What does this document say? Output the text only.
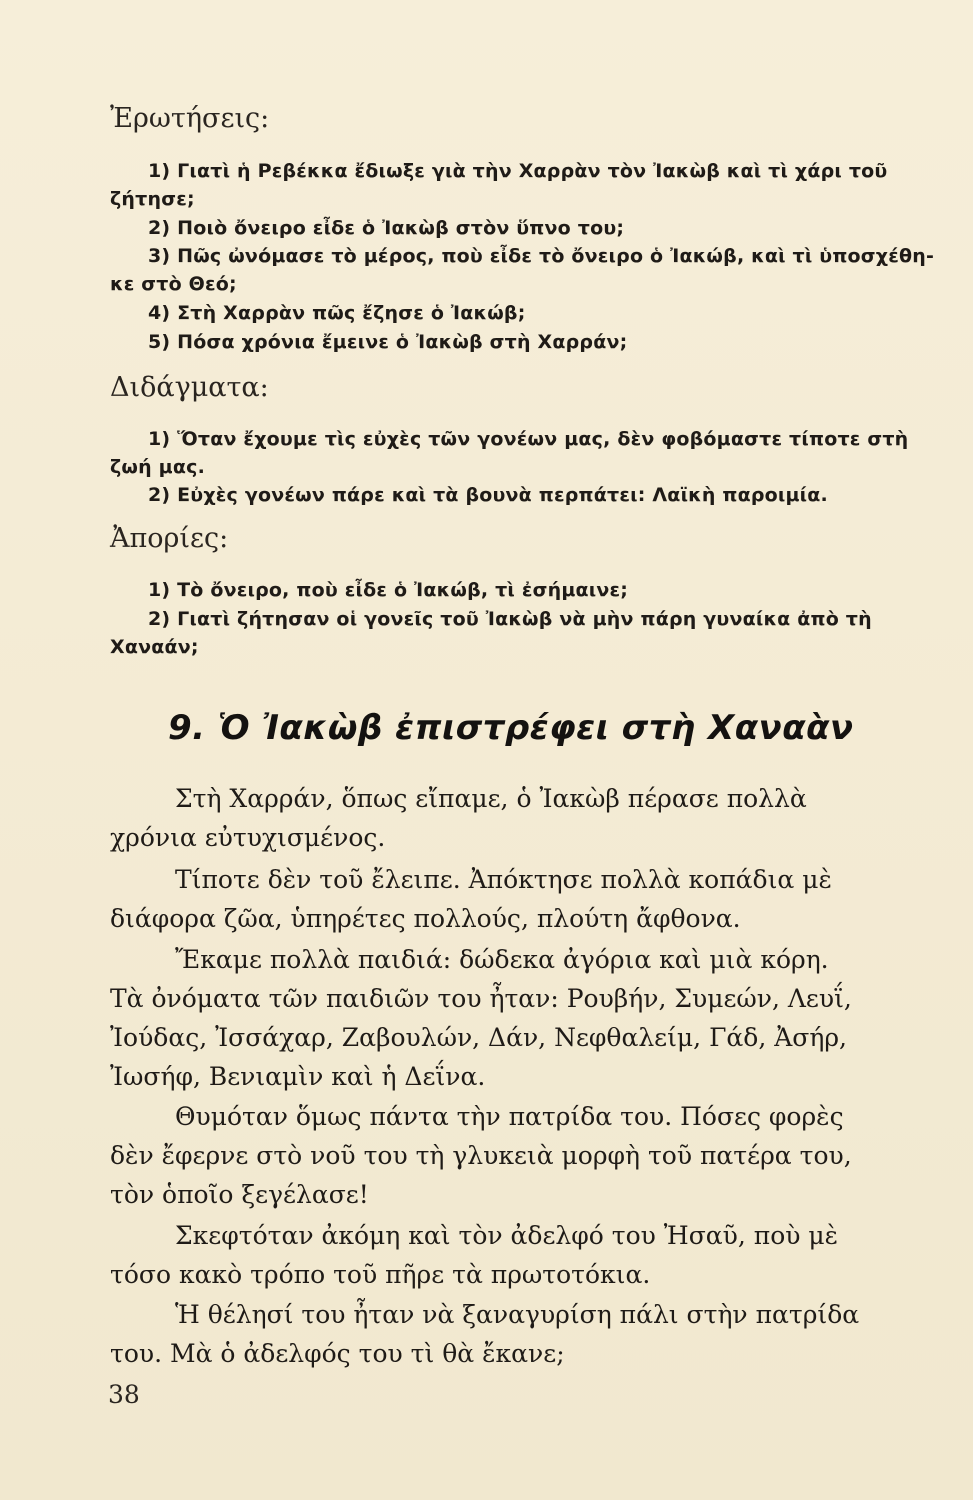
Ἐρωτήσεις:
1) Γιατὶ ἡ Ρεβέκκα ἔδιωξε γιὰ τὴν Χαρρὰν τὸν Ἰακὼβ καὶ τὶ χάρι τοῦ
ζήτησε;
2) Ποιὸ ὄνειρο εἶδε ὁ Ἰακὼβ στὸν ὕπνο του;
3) Πῶς ὠνόμασε τὸ μέρος, ποὺ εἶδε τὸ ὄνειρο ὁ Ἰακώβ, καὶ τὶ ὑποσχέθη-
κε στὸ Θεό;
4) Στὴ Χαρρὰν πῶς ἔζησε ὁ Ἰακώβ;
5) Πόσα χρόνια ἔμεινε ὁ Ἰακὼβ στὴ Χαρράν;
Διδάγματα:
1) Ὅταν ἔχουμε τὶς εὐχὲς τῶν γονέων μας, δὲν φοβόμαστε τίποτε στὴ
ζωή μας.
2) Εὐχὲς γονέων πάρε καὶ τὰ βουνὰ περπάτει: Λαϊκὴ παροιμία.
Ἀπορίες:
1) Τὸ ὄνειρο, ποὺ εἶδε ὁ Ἰακώβ, τὶ ἐσήμαινε;
2) Γιατὶ ζήτησαν οἱ γονεῖς τοῦ Ἰακὼβ νὰ μὴν πάρη γυναίκα ἀπὸ τὴ
Χαναάν;
9. Ὁ Ἰακὼβ ἐπιστρέφει στὴ Χαναὰν
Στὴ Χαρράν, ὅπως εἴπαμε, ὁ Ἰακὼβ πέρασε πολλὰ
χρόνια εὐτυχισμένος.
Τίποτε δὲν τοῦ ἔλειπε. Ἀπόκτησε πολλὰ κοπάδια μὲ
διάφορα ζῶα, ὑπηρέτες πολλούς, πλούτη ἄφθονα.
Ἔκαμε πολλὰ παιδιά: δώδεκα ἀγόρια καὶ μιὰ κόρη.
Τὰ ὀνόματα τῶν παιδιῶν του ἦταν: Ρουβήν, Συμεών, Λευΐ,
Ἰούδας, Ἰσσάχαρ, Ζαβουλών, Δάν, Νεφθαλείμ, Γάδ, Ἀσήρ,
Ἰωσήφ, Βενιαμὶν καὶ ἡ Δεΐνα.
Θυμόταν ὅμως πάντα τὴν πατρίδα του. Πόσες φορὲς
δὲν ἔφερνε στὸ νοῦ του τὴ γλυκειὰ μορφὴ τοῦ πατέρα του,
τὸν ὁποῖο ξεγέλασε!
Σκεφτόταν ἀκόμη καὶ τὸν ἀδελφό του Ἠσαῦ, ποὺ μὲ
τόσο κακὸ τρόπο τοῦ πῆρε τὰ πρωτοτόκια.
Ἡ θέλησί του ἦταν νὰ ξαναγυρίση πάλι στὴν πατρίδα
του. Μὰ ὁ ἀδελφός του τὶ θὰ ἔκανε;
38
